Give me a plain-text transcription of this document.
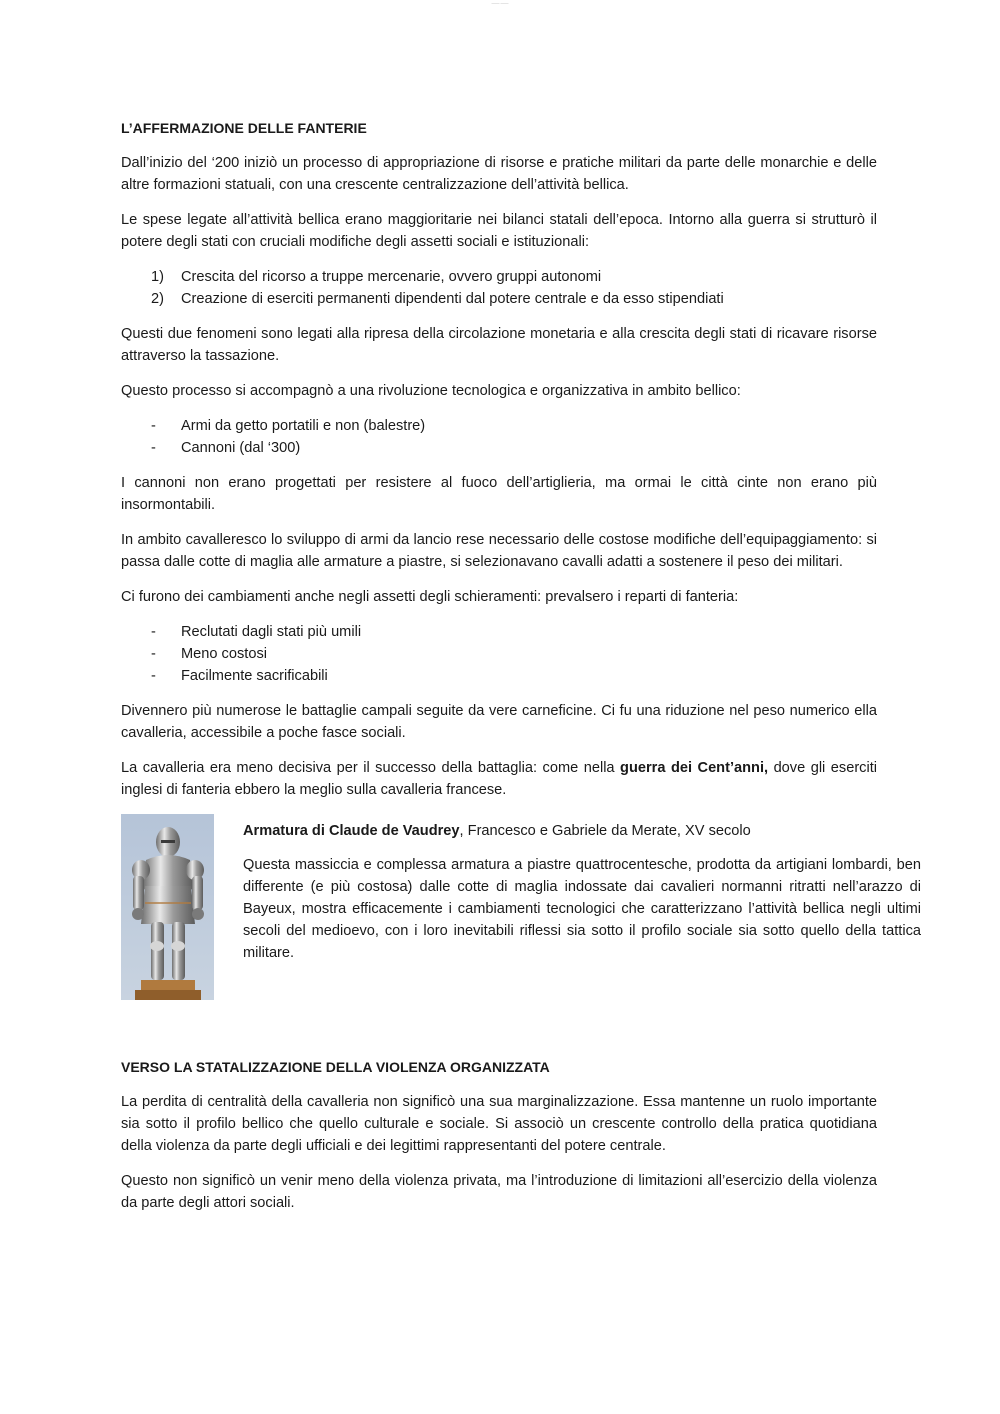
—— ——
L’AFFERMAZIONE DELLE FANTERIE

Dall’inizio del ‘200 iniziò un processo di appropriazione di risorse e pratiche militari da parte delle monarchie e delle altre formazioni statuali, con una crescente centralizzazione dell’attività bellica.

Le spese legate all’attività bellica erano maggioritarie nei bilanci statali dell’epoca. Intorno alla guerra si strutturò il potere degli stati con cruciali modifiche degli assetti sociali e istituzionali:

1) Crescita del ricorso a truppe mercenarie, ovvero gruppi autonomi
2) Creazione di eserciti permanenti dipendenti dal potere centrale e da esso stipendiati

Questi due fenomeni sono legati alla ripresa della circolazione monetaria e alla crescita degli stati di ricavare risorse attraverso la tassazione.

Questo processo si accompagnò a una rivoluzione tecnologica e organizzativa in ambito bellico:

- Armi da getto portatili e non (balestre)
- Cannoni (dal ‘300)

I cannoni non erano progettati per resistere al fuoco dell’artiglieria, ma ormai le città cinte non erano più insormontabili.

In ambito cavalleresco lo sviluppo di armi da lancio rese necessario delle costose modifiche dell’equipaggiamento: si passa dalle cotte di maglia alle armature a piastre, si selezionavano cavalli adatti a sostenere il peso dei militari.

Ci furono dei cambiamenti anche negli assetti degli schieramenti: prevalsero i reparti di fanteria:

- Reclutati dagli stati più umili
- Meno costosi
- Facilmente sacrificabili

Divennero più numerose le battaglie campali seguite da vere carneficine. Ci fu una riduzione nel peso numerico ella cavalleria, accessibile a poche fasce sociali.

La cavalleria era meno decisiva per il successo della battaglia: come nella guerra dei Cent’anni, dove gli eserciti inglesi di fanteria ebbero la meglio sulla cavalleria francese.

Armatura di Claude de Vaudrey, Francesco e Gabriele da Merate, XV secolo

Questa massiccia e complessa armatura a piastre quattrocentesche, prodotta da artigiani lombardi, ben differente (e più costosa) dalle cotte di maglia indossate dai cavalieri normanni ritratti nell’arazzo di Bayeux, mostra efficacemente i cambiamenti tecnologici che caratterizzano l’attività bellica negli ultimi secoli del medioevo, con i loro inevitabili riflessi sia sotto il profilo sociale sia sotto quello della tattica militare.

VERSO LA STATALIZZAZIONE DELLA VIOLENZA ORGANIZZATA

La perdita di centralità della cavalleria non significò una sua marginalizzazione. Essa mantenne un ruolo importante sia sotto il profilo bellico che quello culturale e sociale. Si associò un crescente controllo della pratica quotidiana della violenza da parte degli ufficiali e dei legittimi rappresentanti del potere centrale.

Questo non significò un venir meno della violenza privata, ma l’introduzione di limitazioni all’esercizio della violenza da parte degli attori sociali.
